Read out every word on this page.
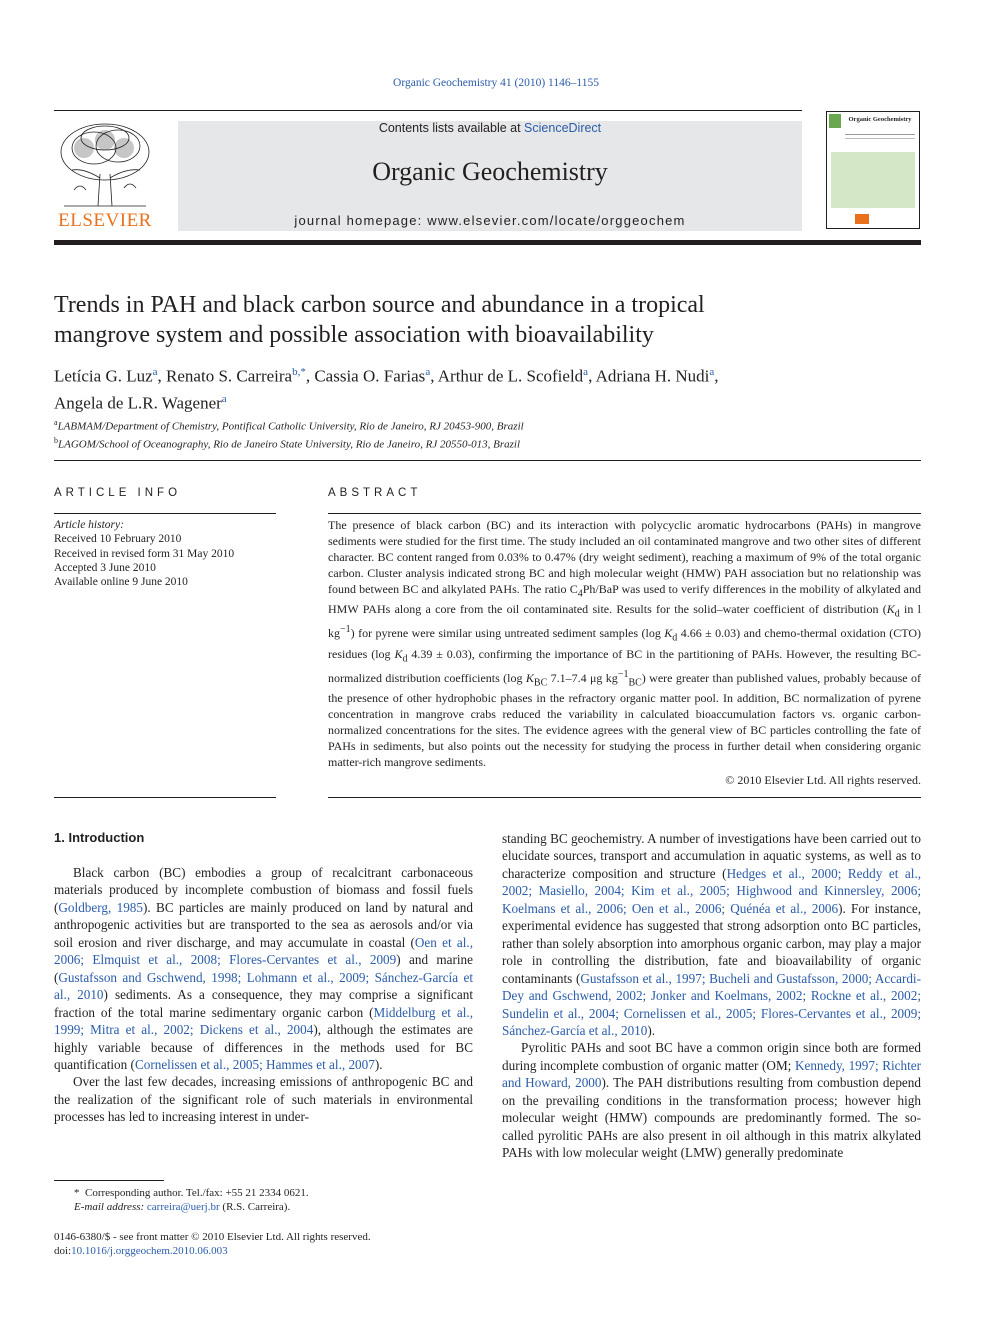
Organic Geochemistry 41 (2010) 1146–1155
ELSEVIER
Contents lists available at ScienceDirect
Organic Geochemistry
journal homepage: www.elsevier.com/locate/orggeochem
Organic Geochemistry
Trends in PAH and black carbon source and abundance in a tropical
mangrove system and possible association with bioavailability
Letícia G. Luz$^a$, Renato S. Carreira$^{b,*}$, Cassia O. Farias$^a$, Arthur de L. Scofield$^a$, Adriana H. Nudi$^a$,
Angela de L.R. Wagener$^a$
$^a$LABMAM/Department of Chemistry, Pontifical Catholic University, Rio de Janeiro, RJ 20453-900, Brazil
$^b$LAGOM/School of Oceanography, Rio de Janeiro State University, Rio de Janeiro, RJ 20550-013, Brazil
ARTICLE INFO
Article history:
Received 10 February 2010
Received in revised form 31 May 2010
Accepted 3 June 2010
Available online 9 June 2010
ABSTRACT
The presence of black carbon (BC) and its interaction with polycyclic aromatic hydrocarbons (PAHs) in mangrove sediments were studied for the first time. The study included an oil contaminated mangrove and two other sites of different character. BC content ranged from 0.03% to 0.47% (dry weight sediment), reaching a maximum of 9% of the total organic carbon. Cluster analysis indicated strong BC and high molecular weight (HMW) PAH association but no relationship was found between BC and alkylated PAHs. The ratio $C_4Ph$/BaP was used to verify differences in the mobility of alkylated and HMW PAHs along a core from the oil contaminated site. Results for the solid–water coefficient of distribution ($K_d$ in l $kg^{-1}$) for pyrene were similar using untreated sediment samples (log $K_d$ 4.66 ± 0.03) and chemo-thermal oxidation (CTO) residues (log $K_d$ 4.39 ± 0.03), confirming the importance of BC in the partitioning of PAHs. However, the resulting BC-normalized distribution coefficients (log $K_{BC}$ 7.1–7.4 μg $kg^{-1}_{BC}$) were greater than published values, probably because of the presence of other hydrophobic phases in the refractory organic matter pool. In addition, BC normalization of pyrene concentration in mangrove crabs reduced the variability in calculated bioaccumulation factors vs. organic carbon-normalized concentrations for the sites. The evidence agrees with the general view of BC particles controlling the fate of PAHs in sediments, but also points out the necessity for studying the process in further detail when considering organic matter-rich mangrove sediments.
© 2010 Elsevier Ltd. All rights reserved.
1. Introduction

Black carbon (BC) embodies a group of recalcitrant carbonaceous materials produced by incomplete combustion of biomass and fossil fuels (Goldberg, 1985). BC particles are mainly produced on land by natural and anthropogenic activities but are transported to the sea as aerosols and/or via soil erosion and river discharge, and may accumulate in coastal (Oen et al., 2006; Elmquist et al., 2008; Flores-Cervantes et al., 2009) and marine (Gustafsson and Gschwend, 1998; Lohmann et al., 2009; Sánchez-García et al., 2010) sediments. As a consequence, they may comprise a significant fraction of the total marine sedimentary organic carbon (Middelburg et al., 1999; Mitra et al., 2002; Dickens et al., 2004), although the estimates are highly variable because of differences in the methods used for BC quantification (Cornelissen et al., 2005; Hammes et al., 2007).

Over the last few decades, increasing emissions of anthropogenic BC and the realization of the significant role of such materials in environmental processes has led to increasing interest in under-

standing BC geochemistry. A number of investigations have been carried out to elucidate sources, transport and accumulation in aquatic systems, as well as to characterize composition and structure (Hedges et al., 2000; Reddy et al., 2002; Masiello, 2004; Kim et al., 2005; Highwood and Kinnersley, 2006; Koelmans et al., 2006; Oen et al., 2006; Quénéa et al., 2006). For instance, experimental evidence has suggested that strong adsorption onto BC particles, rather than solely absorption into amorphous organic carbon, may play a major role in controlling the distribution, fate and bioavailability of organic contaminants (Gustafsson et al., 1997; Bucheli and Gustafsson, 2000; Accardi-Dey and Gschwend, 2002; Jonker and Koelmans, 2002; Rockne et al., 2002; Sundelin et al., 2004; Cornelissen et al., 2005; Flores-Cervantes et al., 2009; Sánchez-García et al., 2010).

Pyrolitic PAHs and soot BC have a common origin since both are formed during incomplete combustion of organic matter (OM; Kennedy, 1997; Richter and Howard, 2000). The PAH distributions resulting from combustion depend on the prevailing conditions in the transformation process; however high molecular weight (HMW) compounds are predominantly formed. The so-called pyrolitic PAHs are also present in oil although in this matrix alkylated PAHs with low molecular weight (LMW) generally predominate

*  Corresponding author. Tel./fax: +55 21 2334 0621.
E-mail address: carreira@uerj.br (R.S. Carreira).
0146-6380/$ - see front matter © 2010 Elsevier Ltd. All rights reserved.
doi:10.1016/j.orggeochem.2010.06.003
